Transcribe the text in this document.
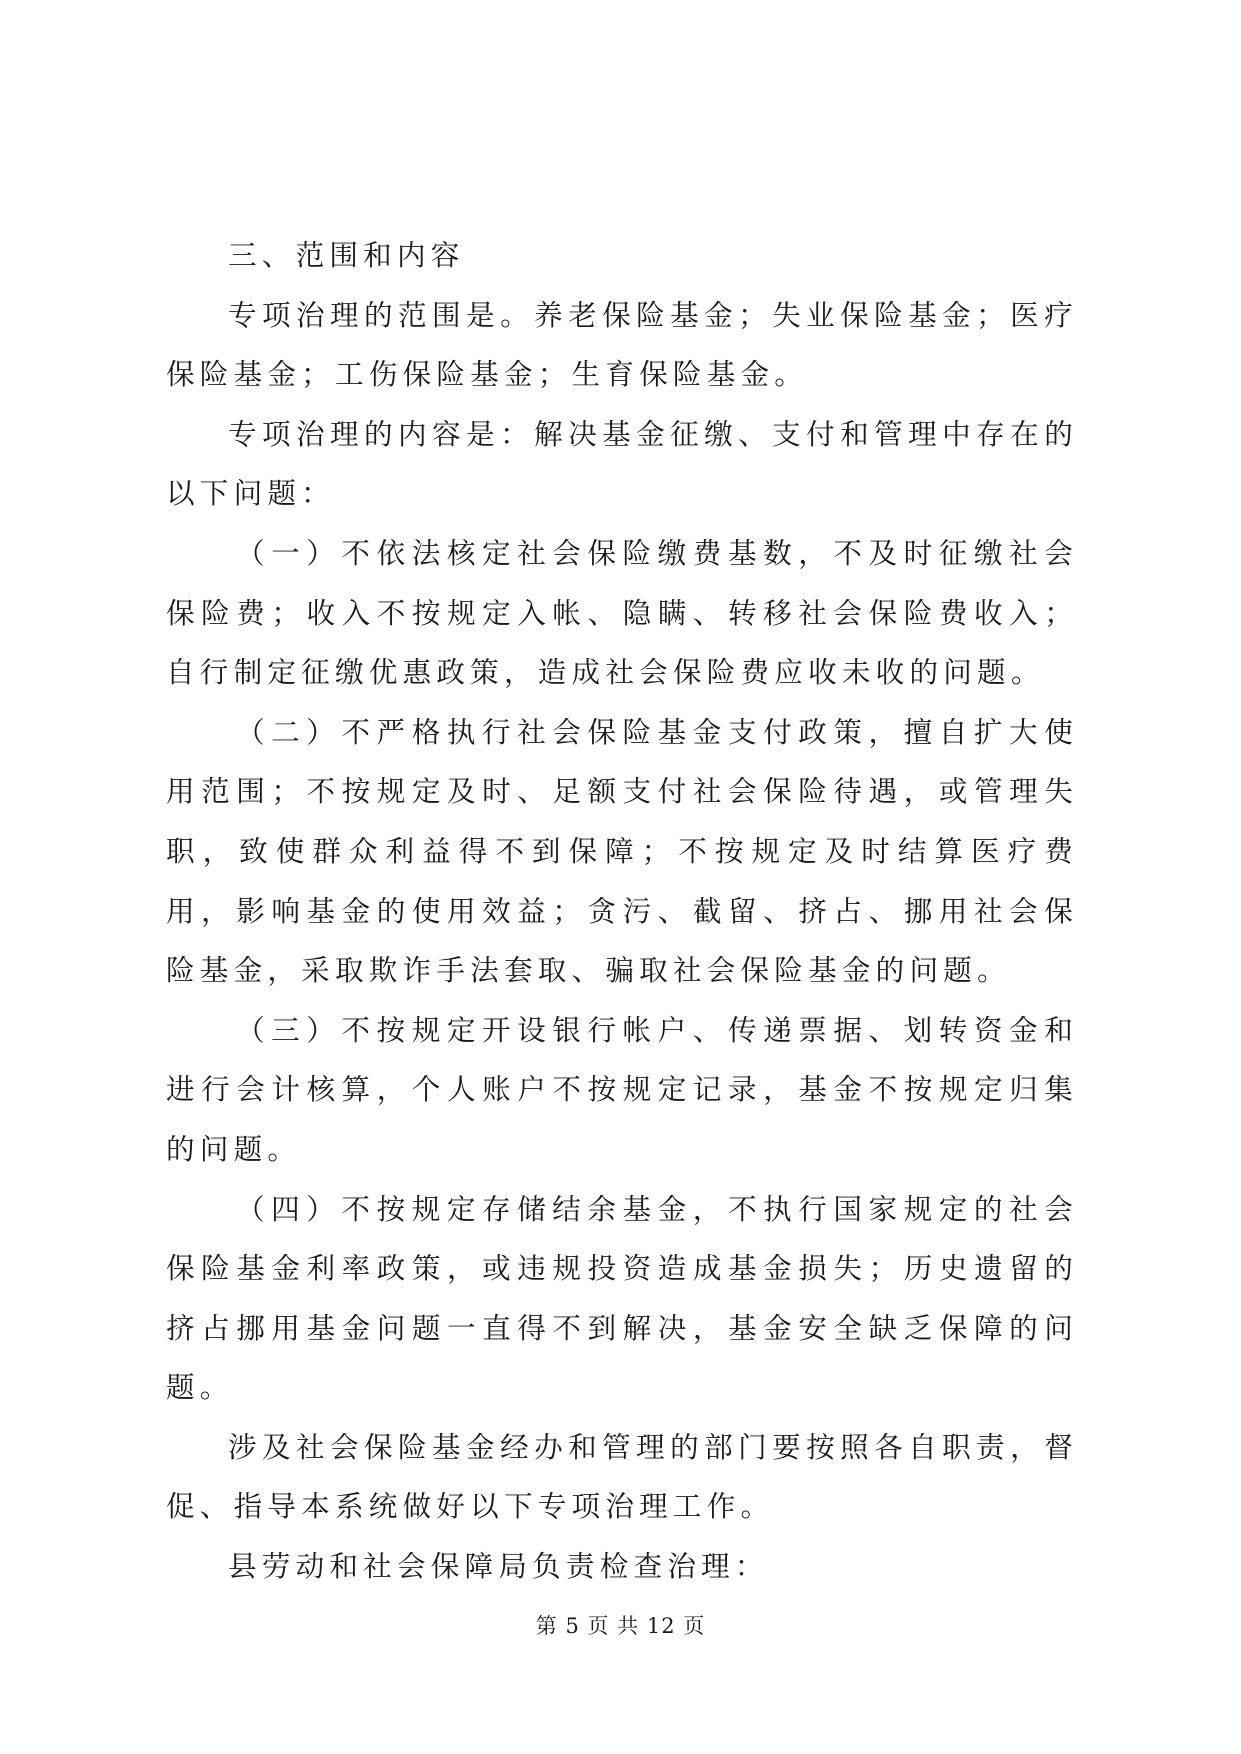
三、范围和内容

专项治理的范围是。养老保险基金；失业保险基金；医疗保险基金；工伤保险基金；生育保险基金。

专项治理的内容是：解决基金征缴、支付和管理中存在的以下问题：

（一）不依法核定社会保险缴费基数，不及时征缴社会保险费；收入不按规定入帐、隐瞒、转移社会保险费收入；自行制定征缴优惠政策，造成社会保险费应收未收的问题。

（二）不严格执行社会保险基金支付政策，擅自扩大使用范围；不按规定及时、足额支付社会保险待遇，或管理失职，致使群众利益得不到保障；不按规定及时结算医疗费用，影响基金的使用效益；贪污、截留、挤占、挪用社会保险基金，采取欺诈手法套取、骗取社会保险基金的问题。

（三）不按规定开设银行帐户、传递票据、划转资金和进行会计核算，个人账户不按规定记录，基金不按规定归集的问题。

（四）不按规定存储结余基金，不执行国家规定的社会保险基金利率政策，或违规投资造成基金损失；历史遗留的挤占挪用基金问题一直得不到解决，基金安全缺乏保障的问题。

涉及社会保险基金经办和管理的部门要按照各自职责，督促、指导本系统做好以下专项治理工作。

县劳动和社会保障局负责检查治理：

第 5 页 共 12 页
